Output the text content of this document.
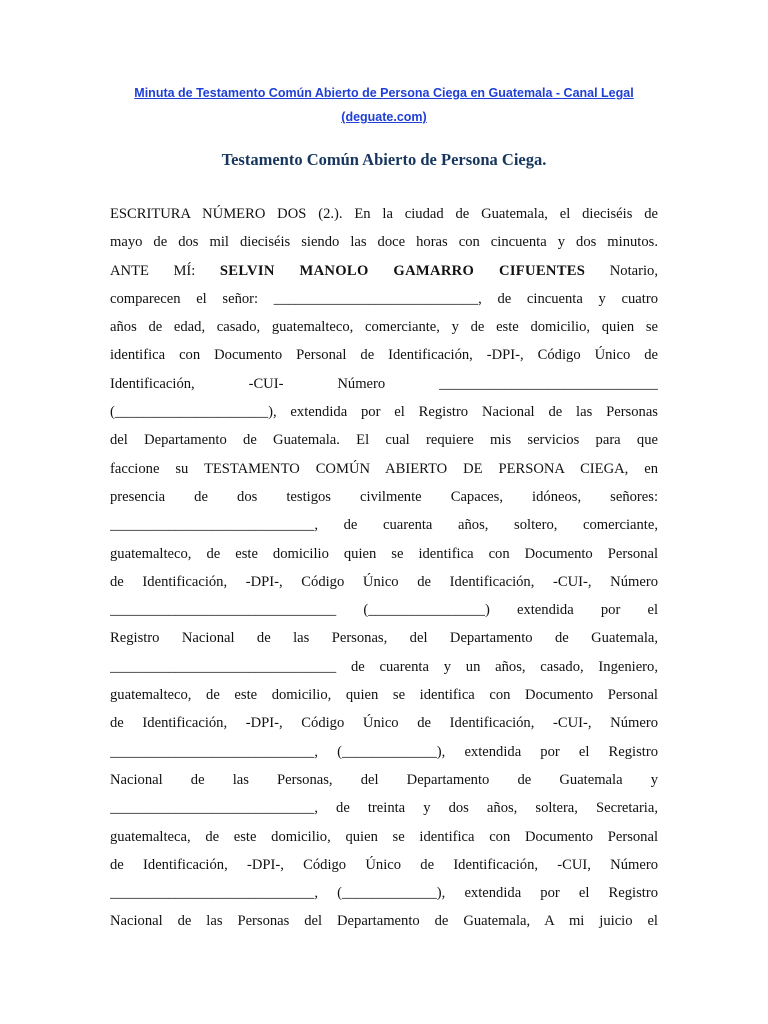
Minuta de Testamento Común Abierto de Persona Ciega en Guatemala - Canal Legal
(deguate.com)
Testamento Común Abierto de Persona Ciega.
ESCRITURA NÚMERO DOS (2.). En la ciudad de Guatemala, el dieciséis de
mayo de dos mil dieciséis siendo las doce horas con cincuenta y dos minutos.
ANTE MÍ: SELVIN MANOLO GAMARRO CIFUENTES Notario,
comparecen el señor: ____________________________, de cincuenta y cuatro
años de edad, casado, guatemalteco, comerciante, y de este domicilio, quien se
identifica con Documento Personal de Identificación, -DPI-, Código Único de
Identificación, -CUI- Número ______________________________
(_____________________), extendida por el Registro Nacional de las Personas
del Departamento de Guatemala. El cual requiere mis servicios para que
faccione su TESTAMENTO COMÚN ABIERTO DE PERSONA CIEGA, en
presencia de dos testigos civilmente Capaces, idóneos, señores:
____________________________, de cuarenta años, soltero, comerciante,
guatemalteco, de este domicilio quien se identifica con Documento Personal
de Identificación, -DPI-, Código Único de Identificación, -CUI-, Número
_______________________________ (________________) extendida por el
Registro Nacional de las Personas, del Departamento de Guatemala,
_______________________________ de cuarenta y un años, casado, Ingeniero,
guatemalteco, de este domicilio, quien se identifica con Documento Personal
de Identificación, -DPI-, Código Único de Identificación, -CUI-, Número
____________________________, (_____________), extendida por el Registro
Nacional de las Personas, del Departamento de Guatemala y
____________________________, de treinta y dos años, soltera, Secretaria,
guatemalteca, de este domicilio, quien se identifica con Documento Personal
de Identificación, -DPI-, Código Único de Identificación, -CUI, Número
____________________________, (_____________), extendida por el Registro
Nacional de las Personas del Departamento de Guatemala, A mi juicio el
